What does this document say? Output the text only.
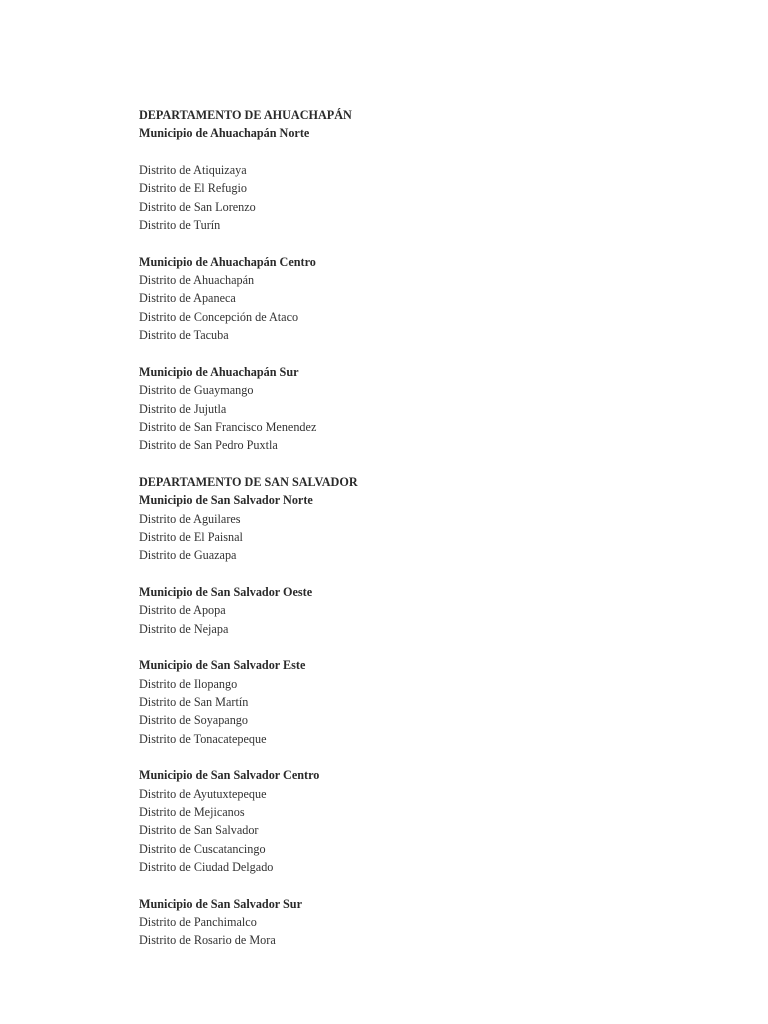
DEPARTAMENTO DE AHUACHAPÁN
Municipio de Ahuachapán Norte
Distrito de Atiquizaya
Distrito de El Refugio
Distrito de San Lorenzo
Distrito de Turín
Municipio de Ahuachapán Centro
Distrito de Ahuachapán
Distrito de Apaneca
Distrito de Concepción de Ataco
Distrito de Tacuba
Municipio de Ahuachapán Sur
Distrito de Guaymango
Distrito de Jujutla
Distrito de San Francisco Menendez
Distrito de San Pedro Puxtla
DEPARTAMENTO DE SAN SALVADOR
Municipio de San Salvador Norte
Distrito de Aguilares
Distrito de El Paisnal
Distrito de Guazapa
Municipio de San Salvador Oeste
Distrito de Apopa
Distrito de Nejapa
Municipio de San Salvador Este
Distrito de Ilopango
Distrito de San Martín
Distrito de Soyapango
Distrito de Tonacatepeque
Municipio de San Salvador Centro
Distrito de Ayutuxtepeque
Distrito de Mejicanos
Distrito de San Salvador
Distrito de Cuscatancingo
Distrito de Ciudad Delgado
Municipio de San Salvador Sur
Distrito de Panchimalco
Distrito de Rosario de Mora
